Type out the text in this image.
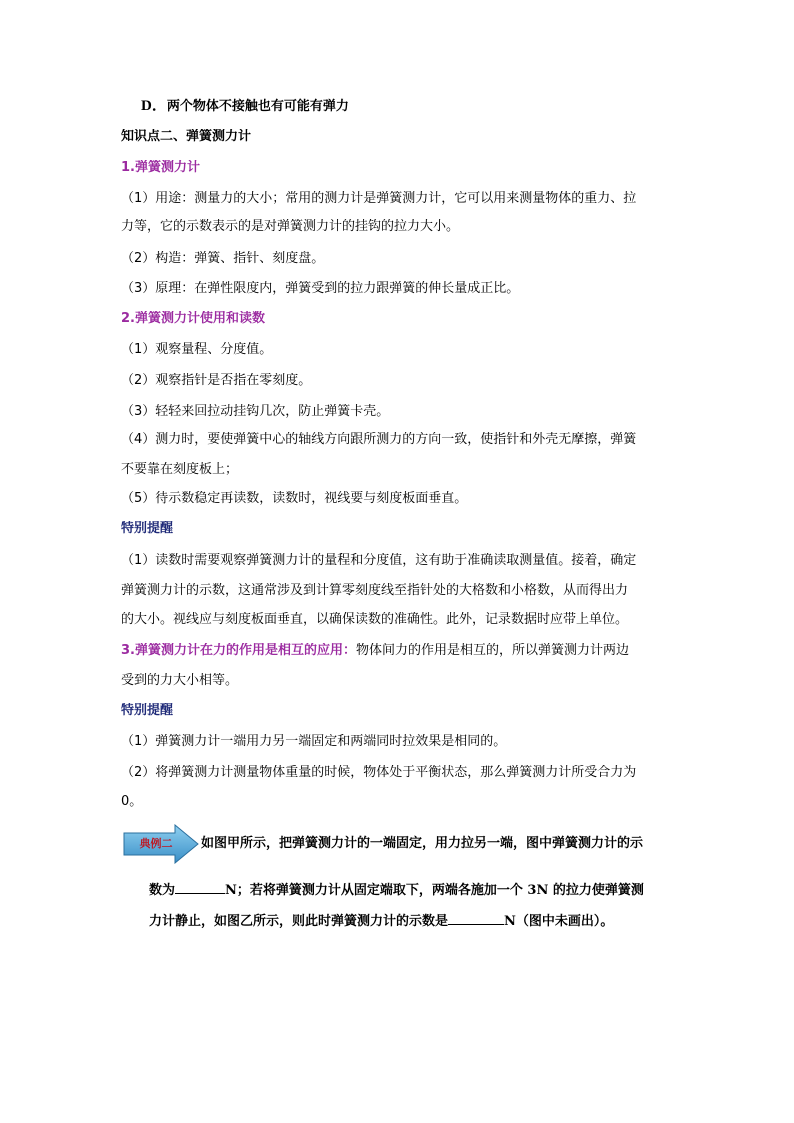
D．两个物体不接触也有可能有弹力
知识点二、弹簧测力计
1.弹簧测力计
（1）用途：测量力的大小；常用的测力计是弹簧测力计，它可以用来测量物体的重力、拉
力等，它的示数表示的是对弹簧测力计的挂钩的拉力大小。
（2）构造：弹簧、指针、刻度盘。
（3）原理：在弹性限度内，弹簧受到的拉力跟弹簧的伸长量成正比。
2.弹簧测力计使用和读数
（1）观察量程、分度值。
（2）观察指针是否指在零刻度。
（3）轻轻来回拉动挂钩几次，防止弹簧卡壳。
（4）测力时，要使弹簧中心的轴线方向跟所测力的方向一致，使指针和外壳无摩擦，弹簧
不要靠在刻度板上；
（5）待示数稳定再读数，读数时，视线要与刻度板面垂直。
特别提醒
（1）读数时需要观察弹簧测力计的量程和分度值，这有助于准确读取测量值。接着，确定
弹簧测力计的示数，这通常涉及到计算零刻度线至指针处的大格数和小格数，从而得出力
的大小。视线应与刻度板面垂直，以确保读数的准确性。此外，记录数据时应带上单位。
3.弹簧测力计在力的作用是相互的应用：物体间力的作用是相互的，所以弹簧测力计两边
受到的力大小相等。
特别提醒
（1）弹簧测力计一端用力另一端固定和两端同时拉效果是相同的。
（2）将弹簧测力计测量物体重量的时候，物体处于平衡状态，那么弹簧测力计所受合力为
0。
典例二	如图甲所示，把弹簧测力计的一端固定，用力拉另一端，图中弹簧测力计的示
数为	N；若将弹簧测力计从固定端取下，两端各施加一个 3N 的拉力使弹簧测
力计静止，如图乙所示，则此时弹簧测力计的示数是	N（图中未画出）。
